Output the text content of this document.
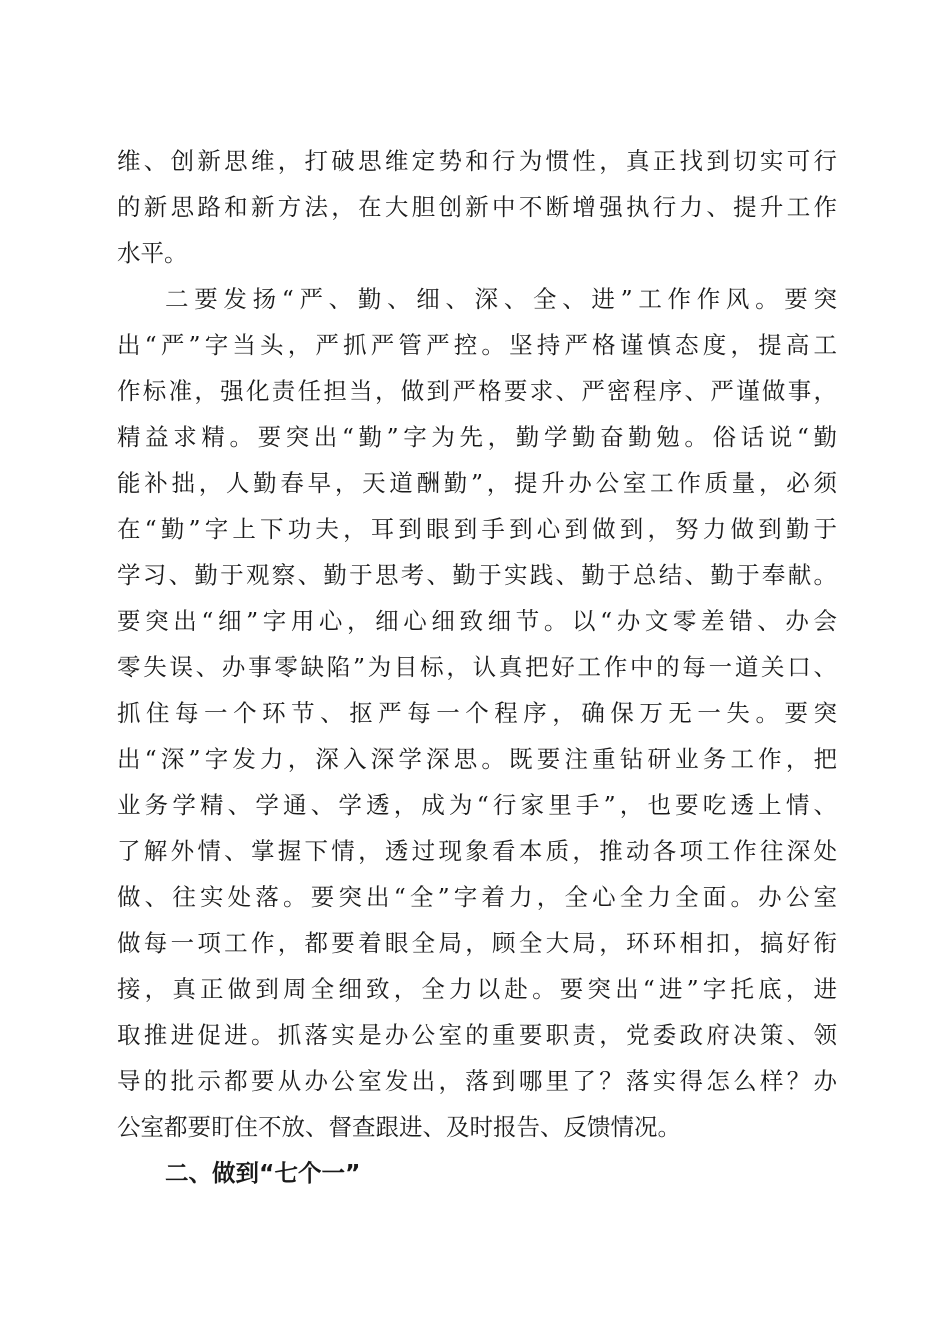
维、创新思维，打破思维定势和行为惯性，真正找到切实可行
的新思路和新方法，在大胆创新中不断增强执行力、提升工作
水平。
二要发扬“严、勤、细、深、全、进”工作作风。要突
出“严”字当头，严抓严管严控。坚持严格谨慎态度，提高工
作标准，强化责任担当，做到严格要求、严密程序、严谨做事，
精益求精。要突出“勤”字为先，勤学勤奋勤勉。俗话说“勤
能补拙，人勤春早，天道酬勤”，提升办公室工作质量，必须
在“勤”字上下功夫，耳到眼到手到心到做到，努力做到勤于
学习、勤于观察、勤于思考、勤于实践、勤于总结、勤于奉献。
要突出“细”字用心，细心细致细节。以“办文零差错、办会
零失误、办事零缺陷”为目标，认真把好工作中的每一道关口、
抓住每一个环节、抠严每一个程序，确保万无一失。要突
出“深”字发力，深入深学深思。既要注重钻研业务工作，把
业务学精、学通、学透，成为“行家里手”，也要吃透上情、
了解外情、掌握下情，透过现象看本质，推动各项工作往深处
做、往实处落。要突出“全”字着力，全心全力全面。办公室
做每一项工作，都要着眼全局，顾全大局，环环相扣，搞好衔
接，真正做到周全细致，全力以赴。要突出“进”字托底，进
取推进促进。抓落实是办公室的重要职责，党委政府决策、领
导的批示都要从办公室发出，落到哪里了？落实得怎么样？办
公室都要盯住不放、督查跟进、及时报告、反馈情况。
二、做到“七个一”
